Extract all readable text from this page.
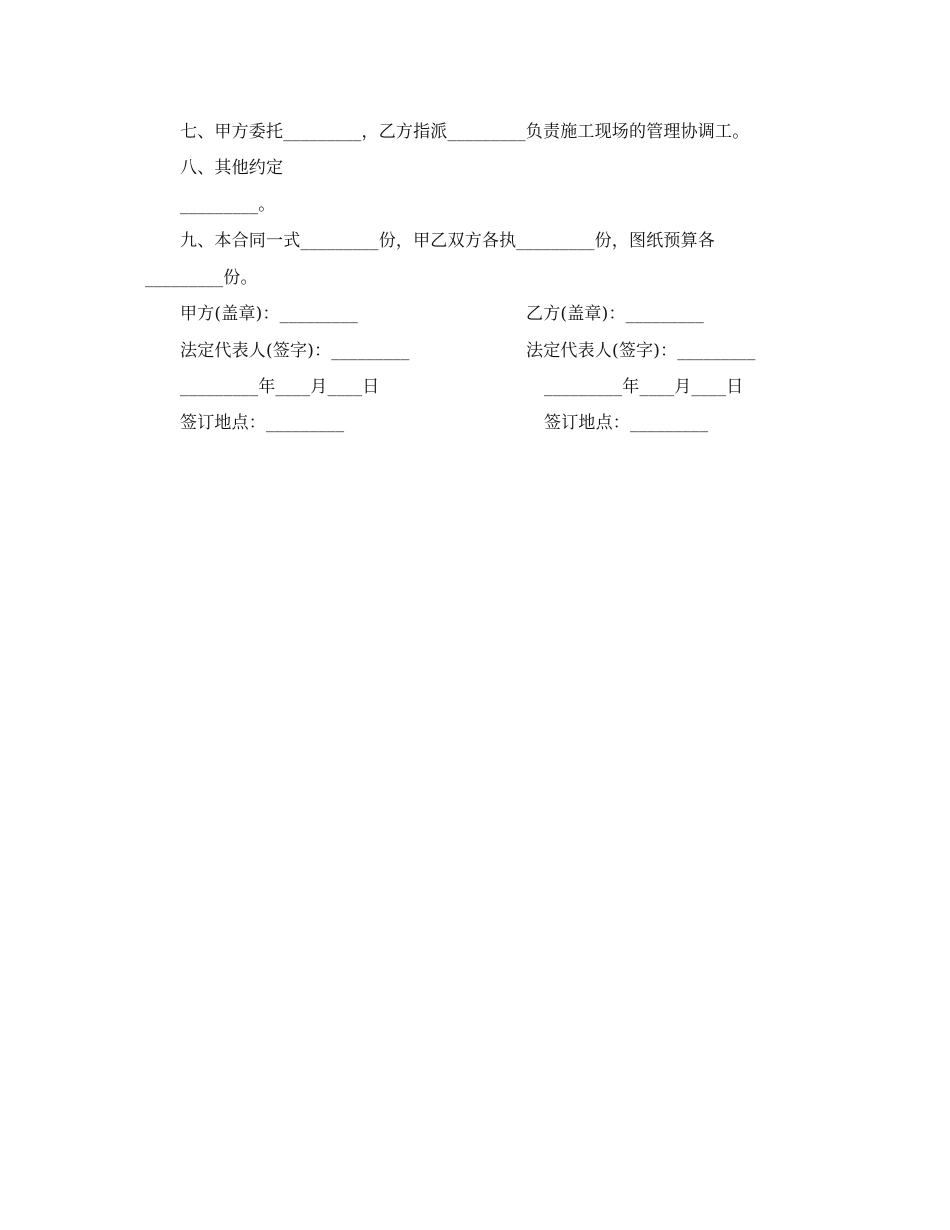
七、甲方委托_________，乙方指派_________负责施工现场的管理协调工。
八、其他约定
_________。
九、本合同一式_________份，甲乙双方各执_________份，图纸预算各
_________份。
甲方(盖章)：_________
法定代表人(签字)：_________
_________年____月____日
签订地点：_________
乙方(盖章)：_________
法定代表人(签字)：_________
_________年____月____日
签订地点：_________
